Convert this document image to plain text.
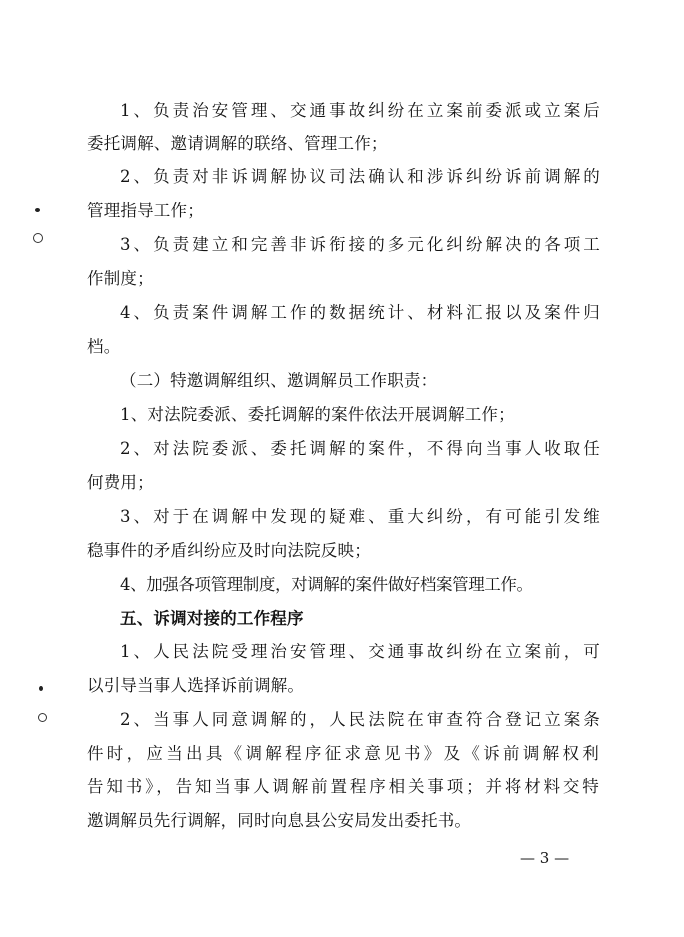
1、负责治安管理、交通事故纠纷在立案前委派或立案后
委托调解、邀请调解的联络、管理工作；
2、负责对非诉调解协议司法确认和涉诉纠纷诉前调解的
管理指导工作；
3、负责建立和完善非诉衔接的多元化纠纷解决的各项工
作制度；
4、负责案件调解工作的数据统计、材料汇报以及案件归
档。
（二）特邀调解组织、邀调解员工作职责：
1、对法院委派、委托调解的案件依法开展调解工作；
2、对法院委派、委托调解的案件，不得向当事人收取任
何费用；
3、对于在调解中发现的疑难、重大纠纷，有可能引发维
稳事件的矛盾纠纷应及时向法院反映；
4、加强各项管理制度，对调解的案件做好档案管理工作。
五、诉调对接的工作程序
1、人民法院受理治安管理、交通事故纠纷在立案前，可
以引导当事人选择诉前调解。
2、当事人同意调解的，人民法院在审查符合登记立案条
件时，应当出具《调解程序征求意见书》及《诉前调解权利
告知书》，告知当事人调解前置程序相关事项；并将材料交特
邀调解员先行调解，同时向息县公安局发出委托书。
— 3 —
